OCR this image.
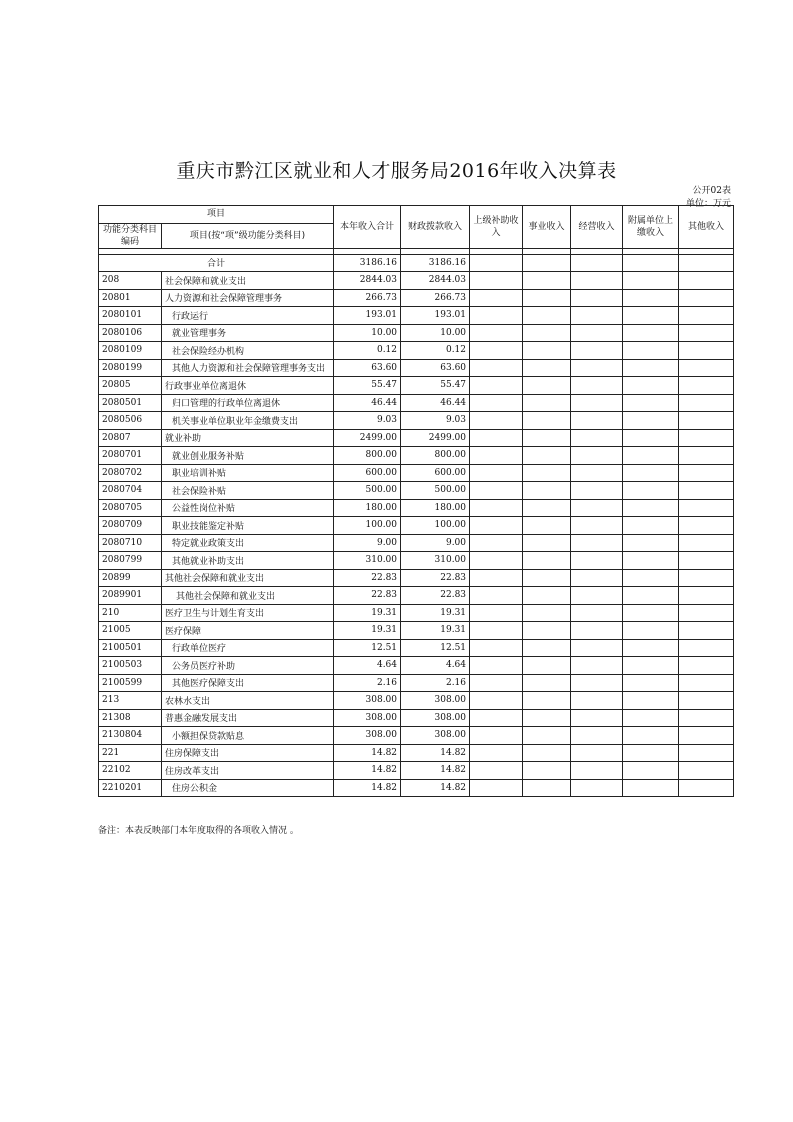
重庆市黔江区就业和人才服务局2016年收入决算表
公开02表
单位：万元
项目		本年收入合计	财政拨款收入	上级补助收入	事业收入	经营收入	附属单位上缴收入	其他收入
功能分类科目编码	项目(按“项”级功能分类科目)							

合计		3186.16	3186.16					
208	社会保障和就业支出	2844.03	2844.03					
20801	人力资源和社会保障管理事务	266.73	266.73					
2080101	行政运行	193.01	193.01					
2080106	就业管理事务	10.00	10.00					
2080109	社会保险经办机构	0.12	0.12					
2080199	其他人力资源和社会保障管理事务支出	63.60	63.60					
20805	行政事业单位离退休	55.47	55.47					
2080501	归口管理的行政单位离退休	46.44	46.44					
2080506	机关事业单位职业年金缴费支出	9.03	9.03					
20807	就业补助	2499.00	2499.00					
2080701	就业创业服务补贴	800.00	800.00					
2080702	职业培训补贴	600.00	600.00					
2080704	社会保险补贴	500.00	500.00					
2080705	公益性岗位补贴	180.00	180.00					
2080709	职业技能鉴定补贴	100.00	100.00					
2080710	特定就业政策支出	9.00	9.00					
2080799	其他就业补助支出	310.00	310.00					
20899	其他社会保障和就业支出	22.83	22.83					
2089901	其他社会保障和就业支出	22.83	22.83					
210	医疗卫生与计划生育支出	19.31	19.31					
21005	医疗保障	19.31	19.31					
2100501	行政单位医疗	12.51	12.51					
2100503	公务员医疗补助	4.64	4.64					
2100599	其他医疗保障支出	2.16	2.16					
213	农林水支出	308.00	308.00					
21308	普惠金融发展支出	308.00	308.00					
2130804	小额担保贷款贴息	308.00	308.00					
221	住房保障支出	14.82	14.82					
22102	住房改革支出	14.82	14.82					
2210201	住房公积金	14.82	14.82					
备注：本表反映部门本年度取得的各项收入情况 。
